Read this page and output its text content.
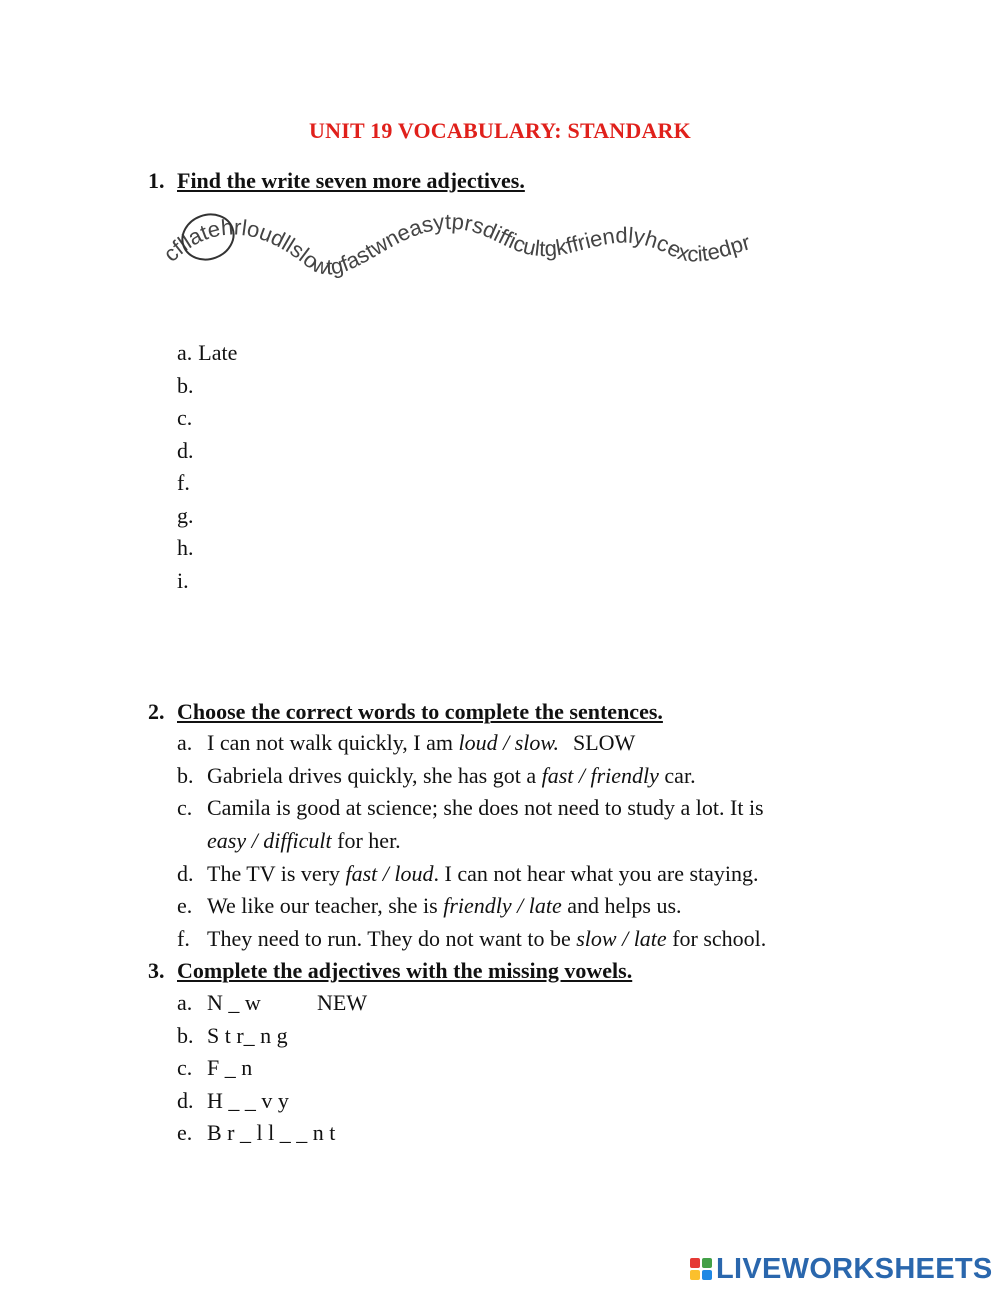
UNIT 19 VOCABULARY: STANDARK
1. Find the write seven more adjectives.
cfllatehrloudllslowtgfastwneasytprsdifficultgkffriendlyhcexcitedpr
a. Late
b.
c.
d.
f.
g.
h.
i.
2. Choose the correct words to complete the sentences.
a. I can not walk quickly, I am loud / slow. SLOW
b. Gabriela drives quickly, she has got a fast / friendly car.
c. Camila is good at science; she does not need to study a lot. It is
easy / difficult for her.
d. The TV is very fast / loud. I can not hear what you are staying.
e. We like our teacher, she is friendly / late and helps us.
f. They need to run. They do not want to be slow / late for school.
3. Complete the adjectives with the missing vowels.
a. N _ w	NEW
b. S t r_ n g
c. F _ n
d. H _ _ v y
e. B r _ l l _ _ n t
LIVEWORKSHEETS
